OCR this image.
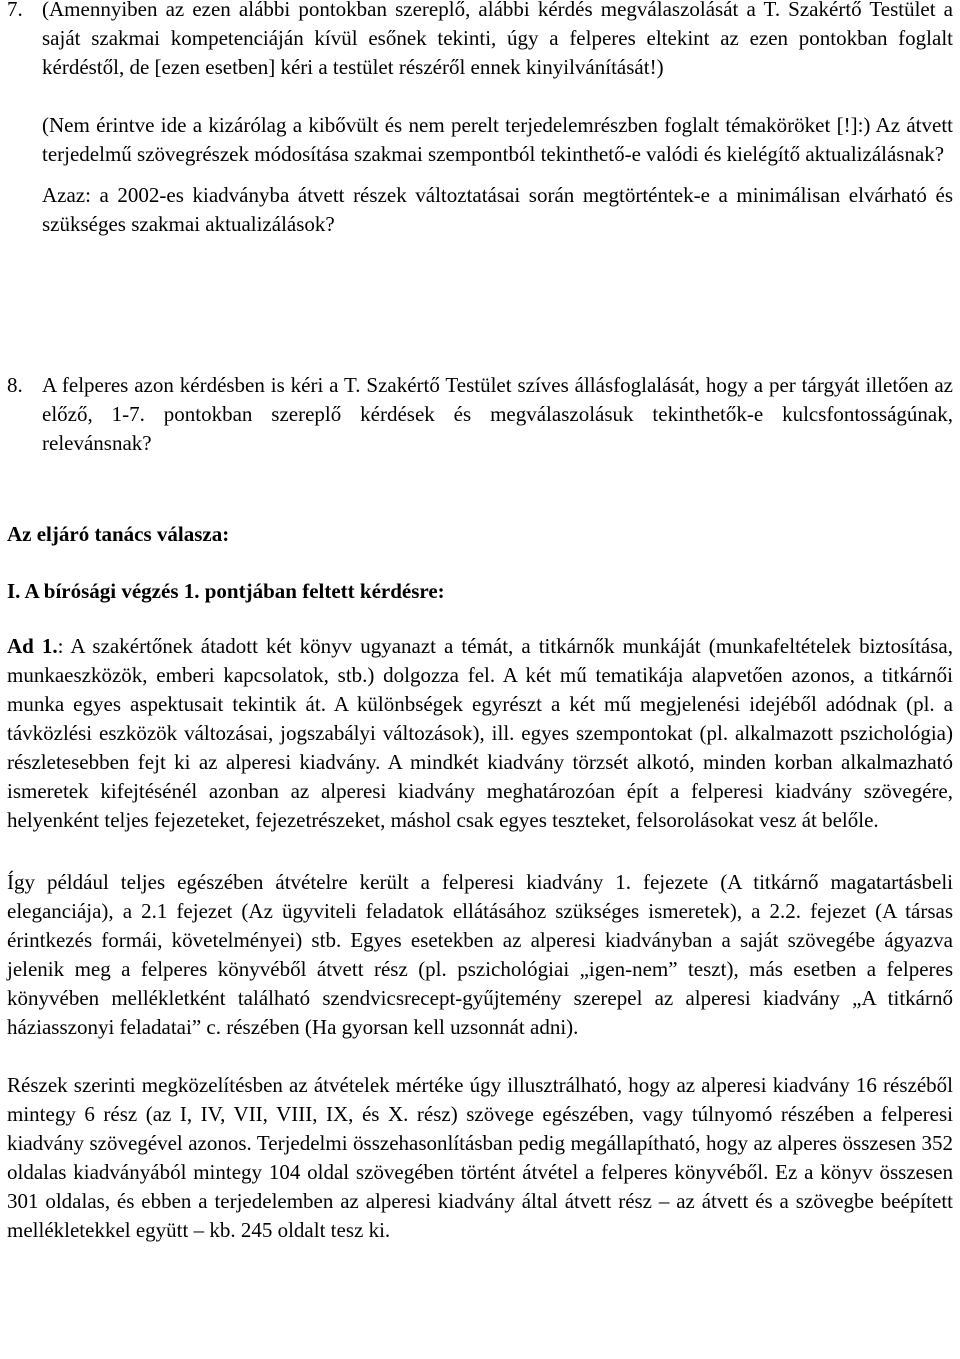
7. (Amennyiben az ezen alábbi pontokban szereplő, alábbi kérdés megválaszolását a T. Szakértő Testület a saját szakmai kompetenciáján kívül esőnek tekinti, úgy a felperes eltekint az ezen pontokban foglalt kérdéstől, de [ezen esetben] kéri a testület részéről ennek kinyilvánítását!)

(Nem érintve ide a kizárólag a kibővült és nem perelt terjedelemrészben foglalt témaköröket [!]:) Az átvett terjedelmű szövegrészek módosítása szakmai szempontból tekinthető-e valódi és kielégítő aktualizálásnak?

Azaz: a 2002-es kiadványba átvett részek változtatásai során megtörténtek-e a minimálisan elvárható és szükséges szakmai aktualizálások?

8. A felperes azon kérdésben is kéri a T. Szakértő Testület szíves állásfoglalását, hogy a per tárgyát illetően az előző, 1-7. pontokban szereplő kérdések és megválaszolásuk tekinthetők-e kulcsfontosságúnak, relevánsnak?

Az eljáró tanács válasza:
I. A bírósági végzés 1. pontjában feltett kérdésre:

Ad 1.: A szakértőnek átadott két könyv ugyanazt a témát, a titkárnők munkáját (munkafeltételek biztosítása, munkaeszközök, emberi kapcsolatok, stb.) dolgozza fel. A két mű tematikája alapvetően azonos, a titkárnői munka egyes aspektusait tekintik át. A különbségek egyrészt a két mű megjelenési idejéből adódnak (pl. a távközlési eszközök változásai, jogszabályi változások), ill. egyes szempontokat (pl. alkalmazott pszichológia) részletesebben fejt ki az alperesi kiadvány. A mindkét kiadvány törzsét alkotó, minden korban alkalmazható ismeretek kifejtésénél azonban az alperesi kiadvány meghatározóan épít a felperesi kiadvány szövegére, helyenként teljes fejezeteket, fejezetrészeket, máshol csak egyes teszteket, felsorolásokat vesz át belőle.

Így például teljes egészében átvételre került a felperesi kiadvány 1. fejezete (A titkárnő magatartásbeli eleganciája), a 2.1 fejezet (Az ügyviteli feladatok ellátásához szükséges ismeretek), a 2.2. fejezet (A társas érintkezés formái, követelményei) stb. Egyes esetekben az alperesi kiadványban a saját szövegébe ágyazva jelenik meg a felperes könyvéből átvett rész (pl. pszichológiai „igen-nem” teszt), más esetben a felperes könyvében mellékletként található szendvicsrecept-gyűjtemény szerepel az alperesi kiadvány „A titkárnő háziasszonyi feladatai” c. részében (Ha gyorsan kell uzsonnát adni).

Részek szerinti megközelítésben az átvételek mértéke úgy illusztrálható, hogy az alperesi kiadvány 16 részéből mintegy 6 rész (az I, IV, VII, VIII, IX, és X. rész) szövege egészében, vagy túlnyomó részében a felperesi kiadvány szövegével azonos. Terjedelmi összehasonlításban pedig megállapítható, hogy az alperes összesen 352 oldalas kiadványából mintegy 104 oldal szövegében történt átvétel a felperes könyvéből. Ez a könyv összesen 301 oldalas, és ebben a terjedelemben az alperesi kiadvány által átvett rész – az átvett és a szövegbe beépített mellékletekkel együtt – kb. 245 oldalt tesz ki.
